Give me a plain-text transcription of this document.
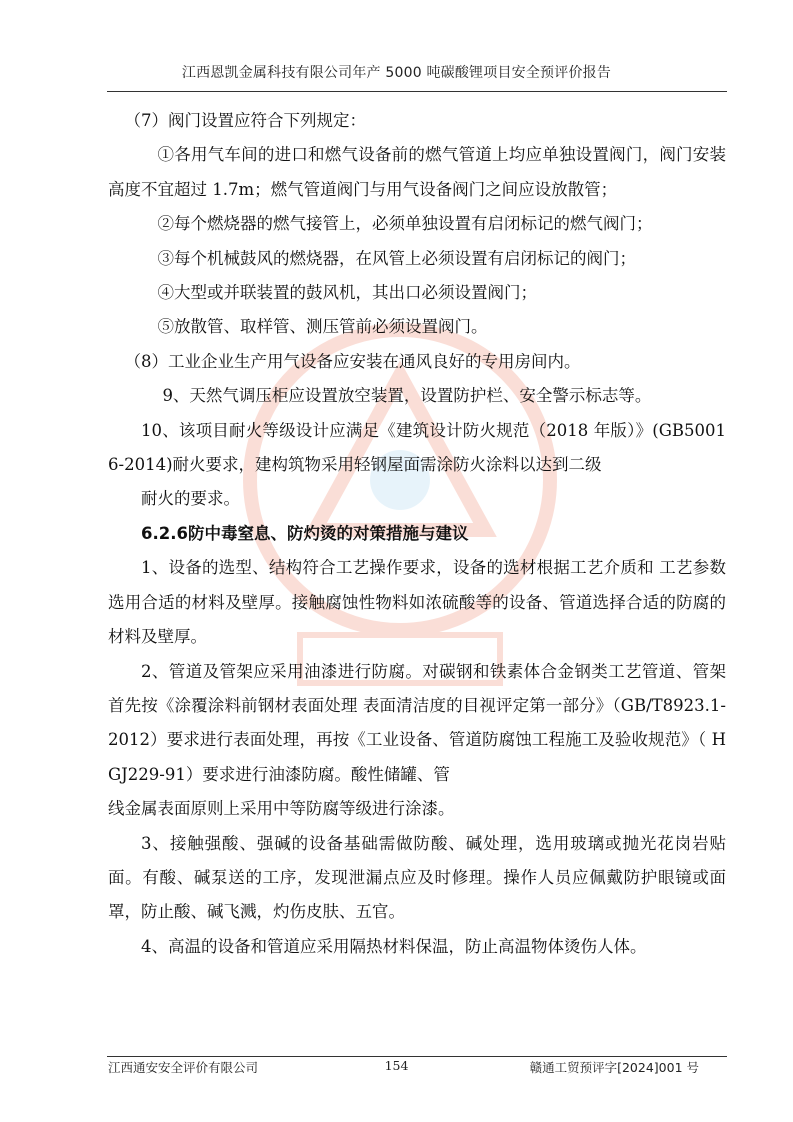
江西恩凯金属科技有限公司年产 5000 吨碳酸锂项目安全预评价报告

（7）阀门设置应符合下列规定：

①各用气车间的进口和燃气设备前的燃气管道上均应单独设置阀门，阀门安装高度不宜超过 1.7m；燃气管道阀门与用气设备阀门之间应设放散管；

②每个燃烧器的燃气接管上，必须单独设置有启闭标记的燃气阀门；

③每个机械鼓风的燃烧器，在风管上必须设置有启闭标记的阀门；

④大型或并联装置的鼓风机，其出口必须设置阀门；

⑤放散管、取样管、测压管前必须设置阀门。

（8）工业企业生产用气设备应安装在通风良好的专用房间内。

9、天然气调压柜应设置放空装置，设置防护栏、安全警示标志等。

10、该项目耐火等级设计应满足《建筑设计防火规范（2018 年版）》(GB50016-2014)耐火要求，建构筑物采用轻钢屋面需涂防火涂料以达到二级

耐火的要求。

6.2.6防中毒窒息、防灼烫的对策措施与建议

1、设备的选型、结构符合工艺操作要求，设备的选材根据工艺介质和 工艺参数选用合适的材料及壁厚。接触腐蚀性物料如浓硫酸等的设备、管道选择合适的防腐的材料及壁厚。

2、管道及管架应采用油漆进行防腐。对碳钢和铁素体合金钢类工艺管道、管架首先按《涂覆涂料前钢材表面处理 表面清洁度的目视评定第一部分》（GB/T8923.1-2012）要求进行表面处理，再按《工业设备、管道防腐蚀工程施工及验收规范》（ HGJ229-91）要求进行油漆防腐。酸性储罐、管

线金属表面原则上采用中等防腐等级进行涂漆。

3、接触强酸、强碱的设备基础需做防酸、碱处理，选用玻璃或抛光花岗岩贴面。有酸、碱泵送的工序，发现泄漏点应及时修理。操作人员应佩戴防护眼镜或面罩，防止酸、碱飞溅，灼伤皮肤、五官。

4、高温的设备和管道应采用隔热材料保温，防止高温物体烫伤人体。

江西通安安全评价有限公司	154	赣通工贸预评字[2024]001 号
